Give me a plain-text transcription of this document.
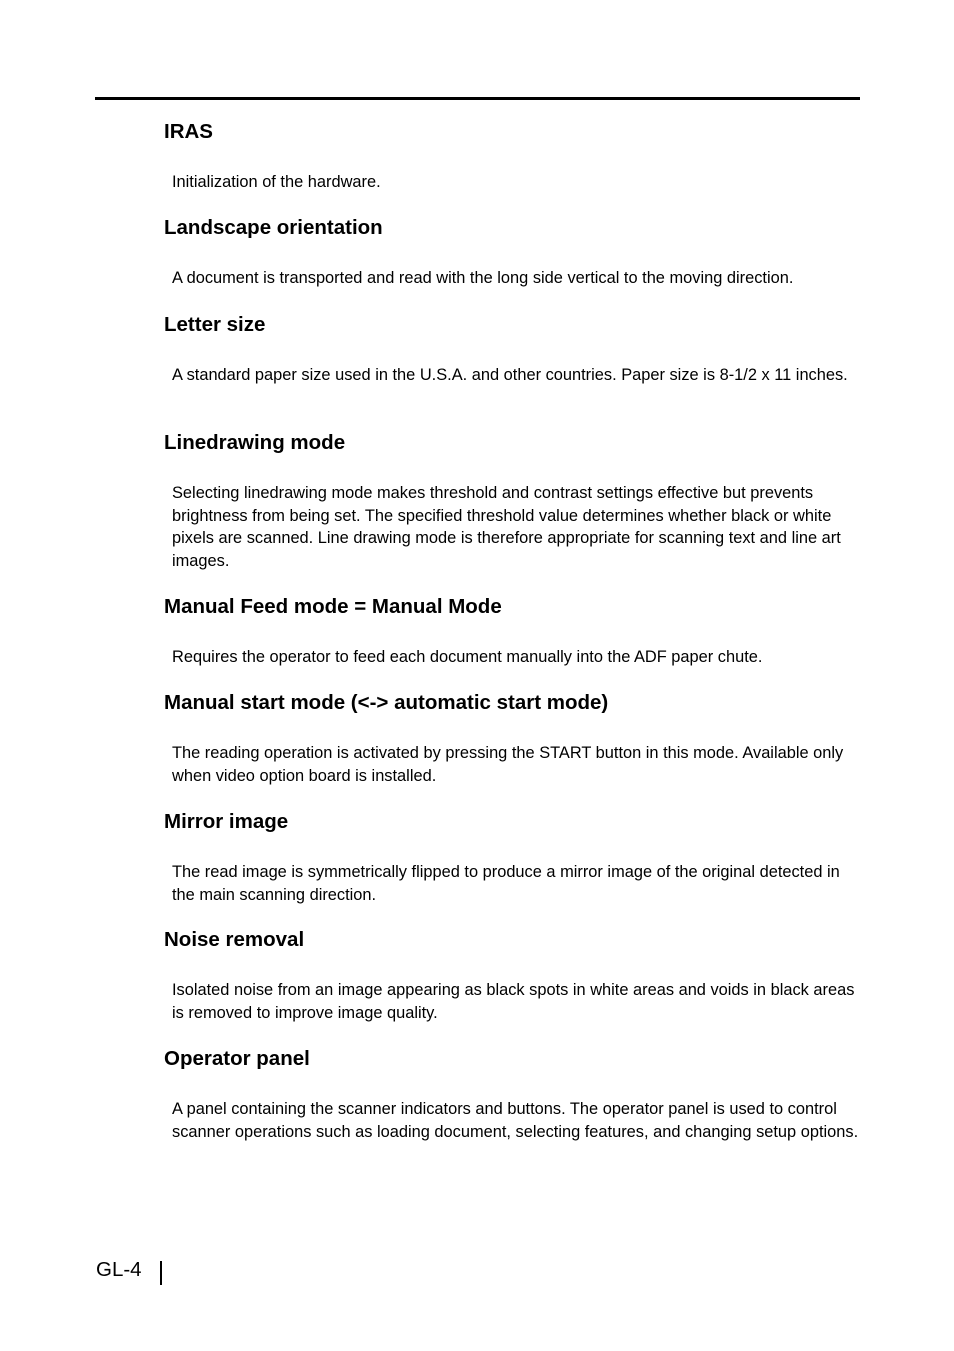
IRAS

Initialization of the hardware.

Landscape orientation

A document is transported and read with the long side vertical to the moving direction.

Letter size

A standard paper size used in the U.S.A. and other countries. Paper size is 8-1/2 x 11 inches.

Linedrawing mode

Selecting linedrawing mode makes threshold and contrast settings effective but prevents brightness from being set. The specified threshold value determines whether black or white pixels are scanned. Line drawing mode is therefore appropriate for scanning text and line art images.

Manual Feed mode = Manual Mode

Requires the operator to feed each document manually into the ADF paper chute.

Manual start mode (<-> automatic start mode)

The reading operation is activated by pressing the START button in this mode. Available only when video option board is installed.

Mirror image

The read image is symmetrically flipped to produce a mirror image of the original detected in the main scanning direction.

Noise removal

Isolated noise from an image appearing as black spots in white areas and voids in black areas is removed to improve image quality.

Operator panel

A panel containing the scanner indicators and buttons. The operator panel is used to control scanner operations such as loading document, selecting features, and changing setup options.

GL-4
